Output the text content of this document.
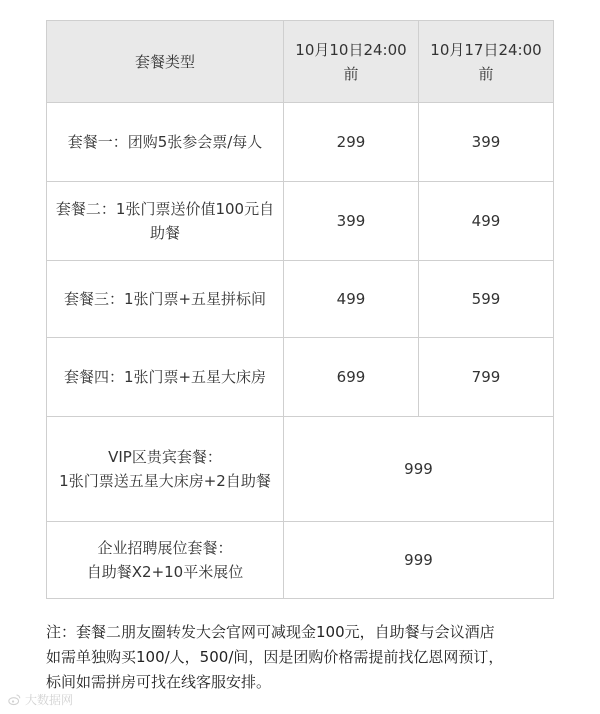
套餐类型	10月10日24:00前	10月17日24:00前
套餐一：团购5张参会票/每人	299	399
套餐二：1张门票送价值100元自助餐	399	499
套餐三：1张门票+五星拼标间	499	599
套餐四：1张门票+五星大床房	699	799

VIP区贵宾套餐：
1张门票送五星大床房+2自助餐	999	

企业招聘展位套餐：
自助餐X2+10平米展位	999	

注：套餐二朋友圈转发大会官网可减现金100元，自助餐与会议酒店

如需单独购买100/人，500/间，因是团购价格需提前找亿恩网预订，

标间如需拼房可找在线客服安排。

大数据网
